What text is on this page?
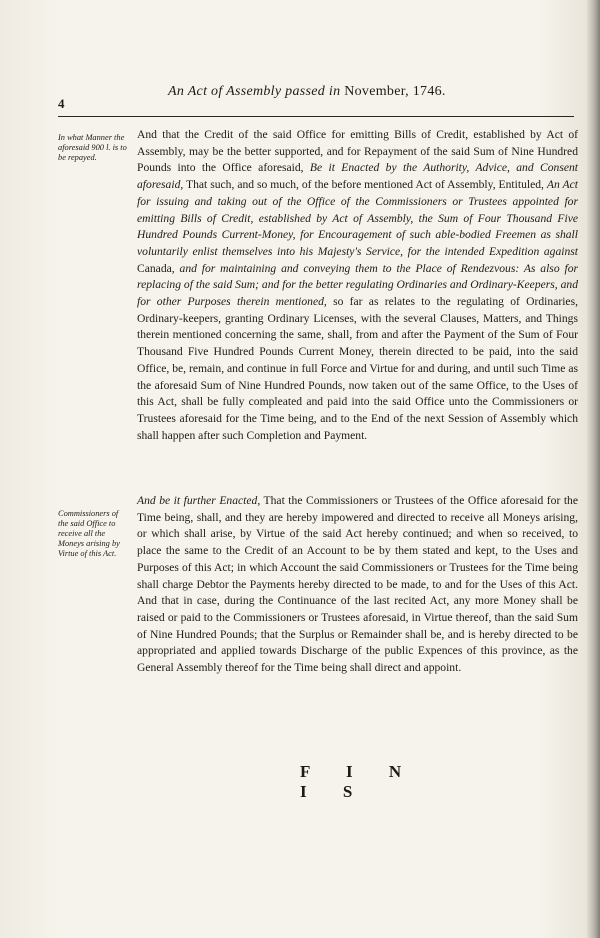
4
An Act of Assembly passed in November, 1746.
In what Manner the aforesaid 900 l. is to be repayed.
Commissioners of the said Office to receive all the Moneys arising by Virtue of this Act.

And that the Credit of the said Office for emitting Bills of Credit, established by Act of Assembly, may be the better supported, and for Repayment of the said Sum of Nine Hundred Pounds into the Office aforesaid, Be it Enacted by the Authority, Advice, and Consent aforesaid, That such, and so much, of the before mentioned Act of Assembly, Entituled, An Act for issuing and taking out of the Office of the Commissioners or Trustees appointed for emitting Bills of Credit, established by Act of Assembly, the Sum of Four Thousand Five Hundred Pounds Current-Money, for Encouragement of such able-bodied Freemen as shall voluntarily enlist themselves into his Majesty's Service, for the intended Expedition against Canada, and for maintaining and conveying them to the Place of Rendezvous: As also for replacing of the said Sum; and for the better regulating Ordinaries and Ordinary-Keepers, and for other Purposes therein mentioned, so far as relates to the regulating of Ordinaries, Ordinary-keepers, granting Ordinary Licenses, with the several Clauses, Matters, and Things therein mentioned concerning the same, shall, from and after the Payment of the Sum of Four Thousand Five Hundred Pounds Current Money, therein directed to be paid, into the said Office, be, remain, and continue in full Force and Virtue for and during, and until such Time as the aforesaid Sum of Nine Hundred Pounds, now taken out of the same Office, to the Uses of this Act, shall be fully compleated and paid into the said Office unto the Commissioners or Trustees aforesaid for the Time being, and to the End of the next Session of Assembly which shall happen after such Completion and Payment.

And be it further Enacted, That the Commissioners or Trustees of the Office aforesaid for the Time being, shall, and they are hereby impowered and directed to receive all Moneys arising, or which shall arise, by Virtue of the said Act hereby continued; and when so received, to place the same to the Credit of an Account to be by them stated and kept, to the Uses and Purposes of this Act; in which Account the said Commissioners or Trustees for the Time being shall charge Debtor the Payments hereby directed to be made, to and for the Uses of this Act. And that in case, during the Continuance of the last recited Act, any more Money shall be raised or paid to the Commissioners or Trustees aforesaid, in Virtue thereof, than the said Sum of Nine Hundred Pounds; that the Surplus or Remainder shall be, and is hereby directed to be appropriated and applied towards Discharge of the public Expences of this province, as the General Assembly thereof for the Time being shall direct and appoint.

F I N I S
